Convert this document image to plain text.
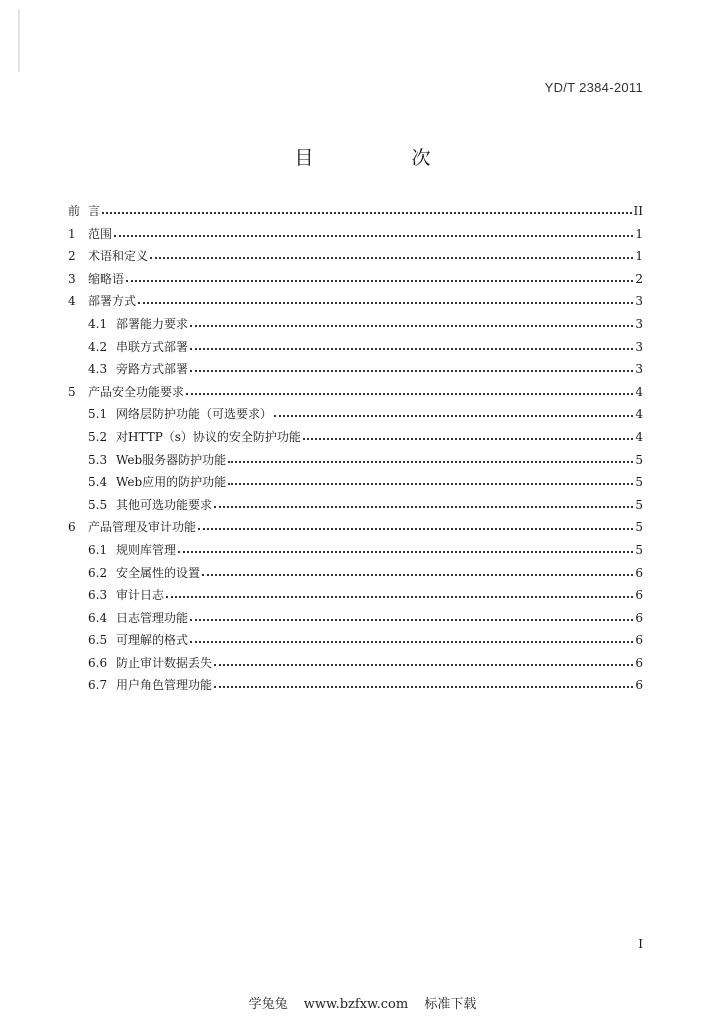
YD/T 2384-2011
目 次
前 言	II
1	范围	1
2	术语和定义	1
3	缩略语	2
4	部署方式	3
4.1 部署能力要求	3
4.2 串联方式部署	3
4.3 旁路方式部署	3
5	产品安全功能要求	4
5.1 网络层防护功能（可选要求）	4
5.2 对HTTP（s）协议的安全防护功能	4
5.3 Web服务器防护功能	5
5.4 Web应用的防护功能	5
5.5 其他可选功能要求	5
6	产品管理及审计功能	5
6.1 规则库管理	5
6.2 安全属性的设置	6
6.3 审计日志	6
6.4 日志管理功能	6
6.5 可理解的格式	6
6.6 防止审计数据丢失	6
6.7 用户角色管理功能	6
I
学兔兔 www.bzfxw.com 标准下载
